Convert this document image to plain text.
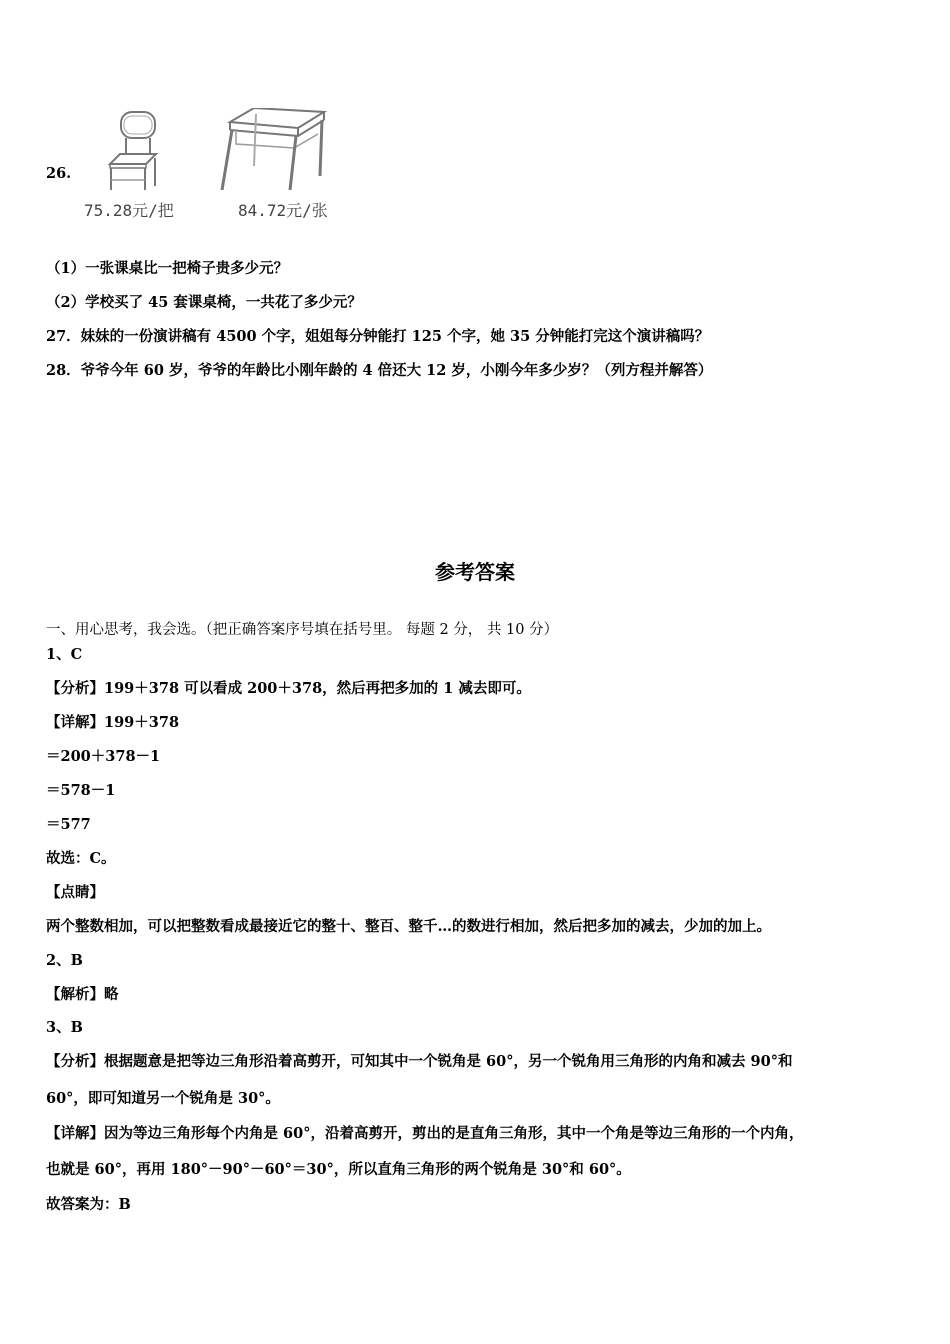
26.
75.28元/把	84.72元/张
（1）一张课桌比一把椅子贵多少元？
（2）学校买了 45 套课桌椅，一共花了多少元？
27．妹妹的一份演讲稿有 4500 个字，姐姐每分钟能打 125 个字，她 35 分钟能打完这个演讲稿吗？
28．爷爷今年 60 岁，爷爷的年龄比小刚年龄的 4 倍还大 12 岁，小刚今年多少岁？（列方程并解答）
参考答案
一、用心思考，我会选。（把正确答案序号填在括号里。 每题 2 分， 共 10 分）
1、C
【分析】199＋378 可以看成 200＋378，然后再把多加的 1 减去即可。
【详解】199＋378
＝200＋378－1
＝578－1
＝577
故选：C。
【点睛】
两个整数相加，可以把整数看成最接近它的整十、整百、整千…的数进行相加，然后把多加的减去，少加的加上。
2、B
【解析】略
3、B
【分析】根据题意是把等边三角形沿着高剪开，可知其中一个锐角是 60°，另一个锐角用三角形的内角和减去 90°和
60°，即可知道另一个锐角是 30°。
【详解】因为等边三角形每个内角是 60°，沿着高剪开，剪出的是直角三角形，其中一个角是等边三角形的一个内角，
也就是 60°，再用 180°－90°－60°＝30°，所以直角三角形的两个锐角是 30°和 60°。
故答案为：B
